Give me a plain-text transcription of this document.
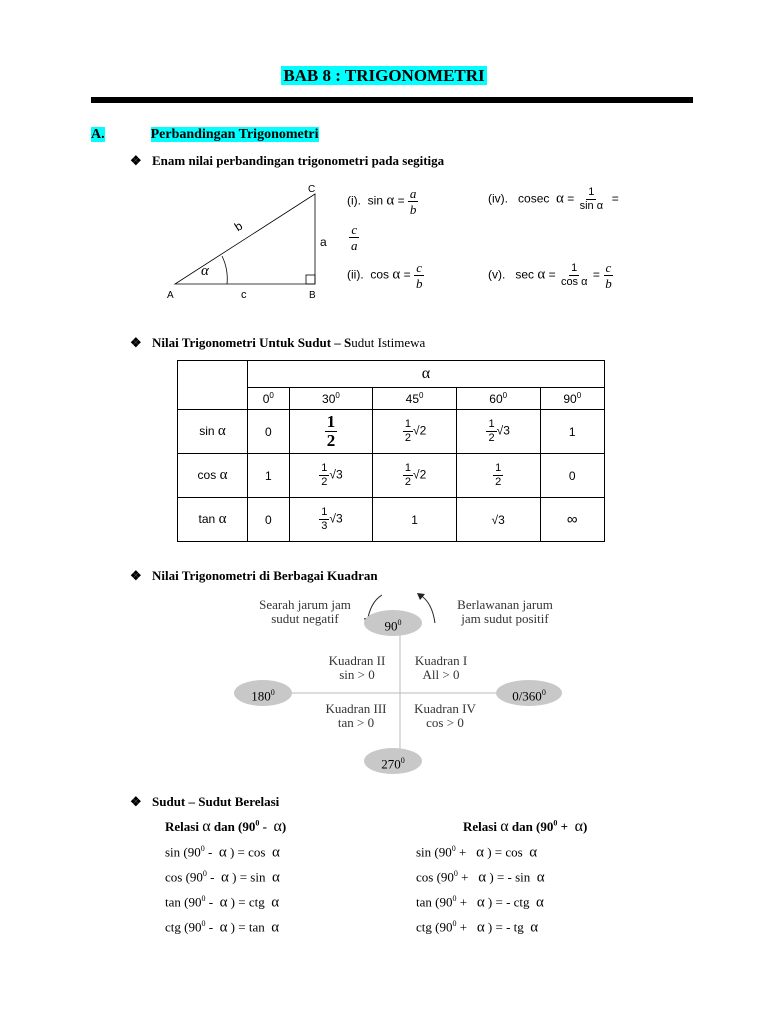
BAB 8 : TRIGONOMETRI
A.	Perbandingan Trigonometri
❖ Enam nilai perbandingan trigonometri pada segitiga
α
A	B
C
a
c
b
(i). $\sin \alpha = \frac{a}{b}$	(iv). cosec $\alpha = \frac{1}{\text{sin α}}$ =
$\frac{c}{a}$
(ii). $\cos \alpha = \frac{c}{b}$	(v). $\sec \alpha = \frac{1}{\text{cos α}} = \frac{c}{b}$
❖ Nilai Trigonometri Untuk Sudut – Sudut Istimewa
	α				
	$0^0$	$30^0$	$45^0$	$60^0$	$90^0$
sin α	0	$\frac{1}{2}$	$\frac{1}{2} √2$	$\frac{1}{2} √3$	1
cos α	1	$\frac{1}{2} √3$	$\frac{1}{2} √2$	$\frac{1}{2}$	0
tan α	0	$\frac{1}{3} √3$	1	√3	∞
❖ Nilai Trigonometri di Berbagai Kuadran
$90^0$
$180^0$	$0/360^0$
$270^0$
Searah jarum jam
sudut negatif
Berlawanan jarum
jam sudut positif
Kuadran II
sin > 0
Kuadran I
All > 0
Kuadran III
tan > 0
Kuadran IV
cos > 0
❖ Sudut – Sudut Berelasi
Relasi α dan $(90^0 - \alpha)$	Relasi α dan $(90^0 + \alpha)$
$\sin (90^0$ - α ) = cos α
$\cos (90^0$ - α ) = sin α
$\tan (90^0$ - α ) = ctg α
ctg ($90^0$ - α ) = tan α
$\sin (90^0 + \alpha$ ) = cos α
$\cos (90^0 + \alpha$ ) = - sin α
$\tan (90^0 + \alpha$ ) = - ctg α
ctg ($90^0 + \alpha$ ) = - tg α
